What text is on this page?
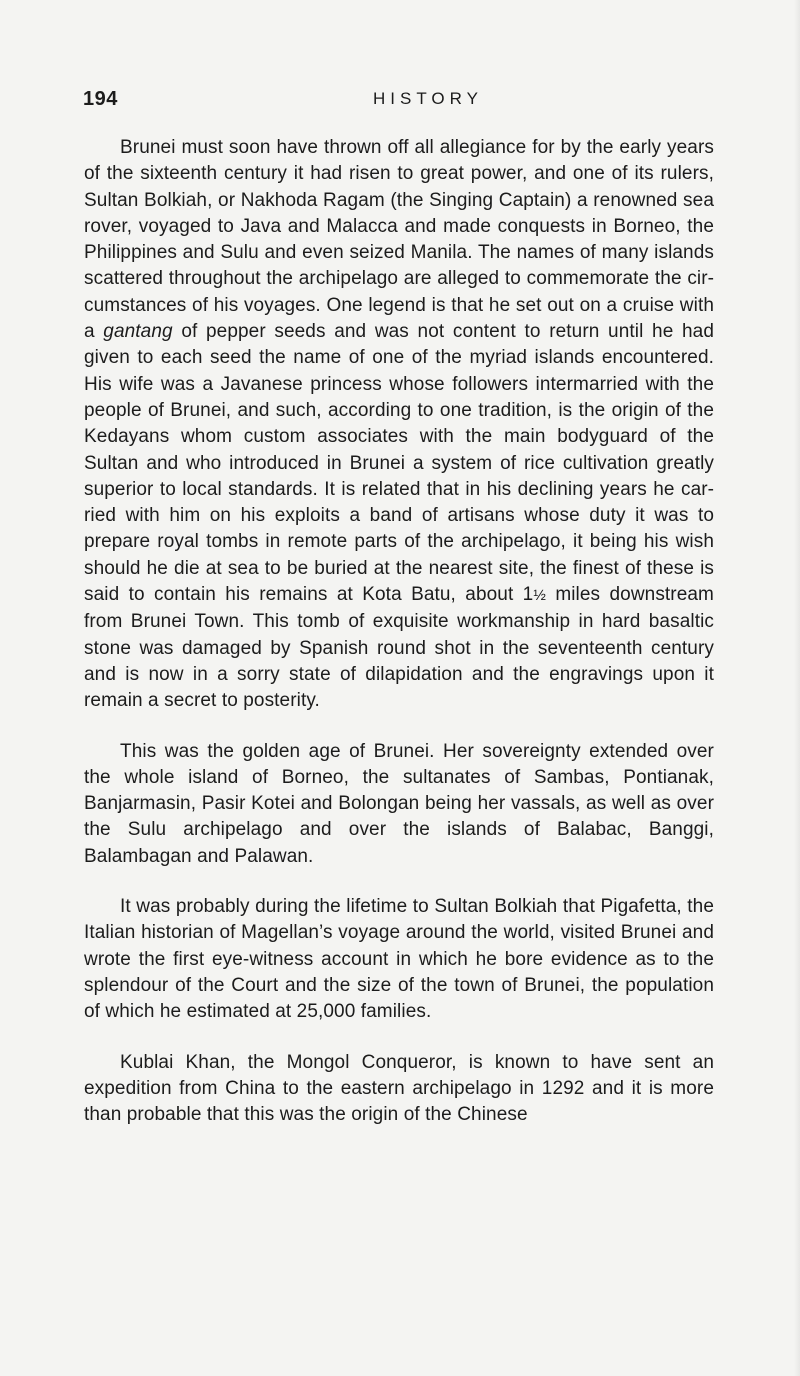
194	HISTORY

Brunei must soon have thrown off all allegiance for by the early years of the sixteenth century it had risen to great power, and one of its rulers, Sultan Bolkiah, or Nakhoda Ragam (the Singing Captain) a renowned sea rover, voyaged to Java and Malacca and made conquests in Borneo, the Philippines and Sulu and even seized Manila. The names of many islands scattered throughout the archipelago are alleged to commemorate the circumstances of his voyages. One legend is that he set out on a cruise with a gantang of pepper seeds and was not content to return until he had given to each seed the name of one of the myriad islands encountered. His wife was a Javanese princess whose followers intermarried with the people of Brunei, and such, according to one tradition, is the origin of the Kedayans whom custom associates with the main bodyguard of the Sultan and who introduced in Brunei a system of rice cultivation greatly superior to local standards. It is related that in his declining years he carried with him on his exploits a band of artisans whose duty it was to prepare royal tombs in remote parts of the archipelago, it being his wish should he die at sea to be buried at the nearest site, the finest of these is said to contain his remains at Kota Batu, about 1½ miles downstream from Brunei Town. This tomb of exquisite workmanship in hard basaltic stone was damaged by Spanish round shot in the seventeenth century and is now in a sorry state of dilapidation and the engravings upon it remain a secret to posterity.

This was the golden age of Brunei. Her sovereignty extended over the whole island of Borneo, the sultanates of Sambas, Pontianak, Banjarmasin, Pasir Kotei and Bolongan being her vassals, as well as over the Sulu archipelago and over the islands of Balabac, Banggi, Balambagan and Palawan.

It was probably during the lifetime to Sultan Bolkiah that Pigafetta, the Italian historian of Magellan’s voyage around the world, visited Brunei and wrote the first eye-witness account in which he bore evidence as to the splendour of the Court and the size of the town of Brunei, the population of which he estimated at 25,000 families.

Kublai Khan, the Mongol Conqueror, is known to have sent an expedition from China to the eastern archipelago in 1292 and it is more than probable that this was the origin of the Chinese
